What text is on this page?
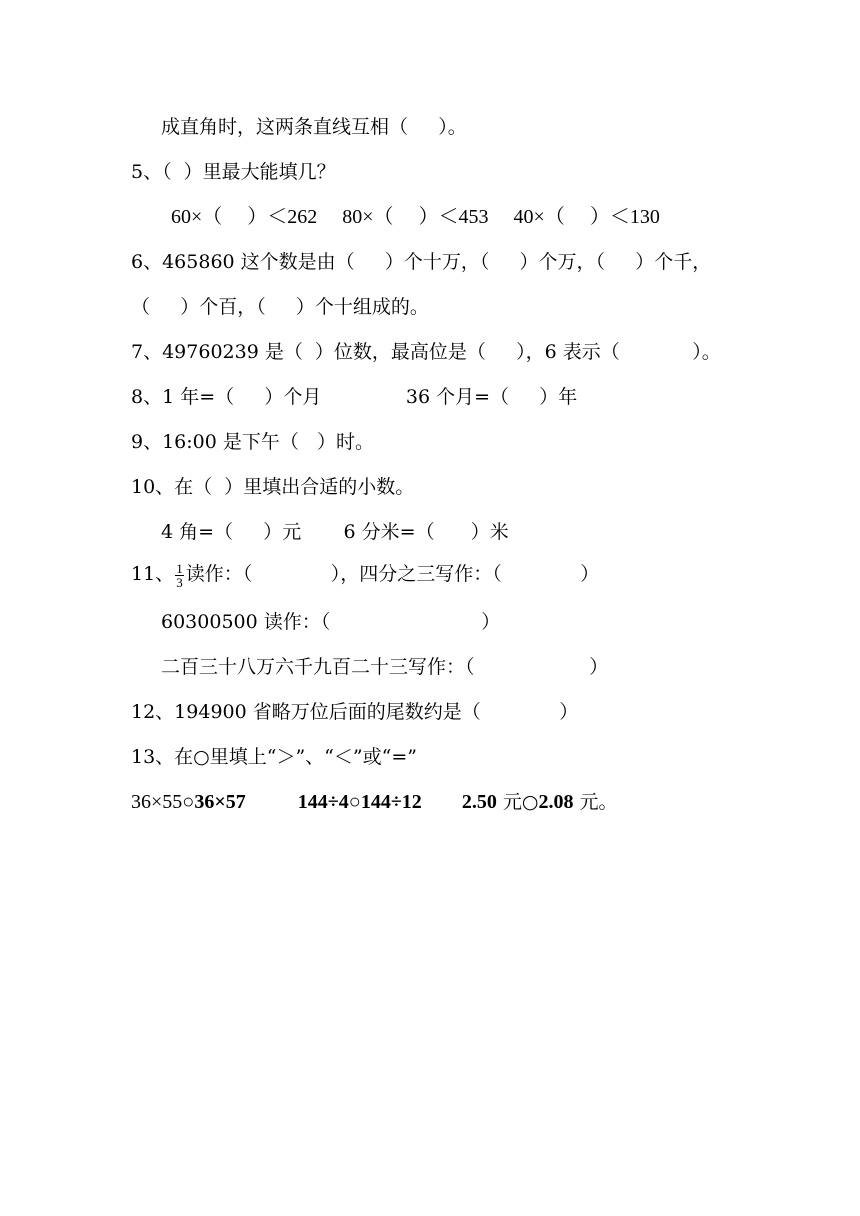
成直角时，这两条直线互相（     ）。
5、（  ）里最大能填几？
60×（     ）＜262     80×（     ）＜453     40×（     ）＜130
6、465860 这个数是由（     ）个十万，（     ）个万，（     ）个千，
（     ）个百，（     ）个十组成的。
7、49760239 是（  ）位数，最高位是（     ），6 表示（            ）。
8、1 年=（     ）个月              36 个月=（     ）年
9、16:00 是下午（   ）时。
10、在（  ）里填出合适的小数。
4 角=（     ）元       6 分米=（      ）米
11、 $\frac{1}{3}$ 读作：（             ），四分之三写作：（             ）
60300500 读作：（                         ）
二百三十八万六千九百二十三写作：（                   ）
12、194900 省略万位后面的尾数约是（             ）
13、在○里填上“＞”、“＜”或“=”
36×55○36×57	144÷4○144÷12 2.50 元○2.08 元。
